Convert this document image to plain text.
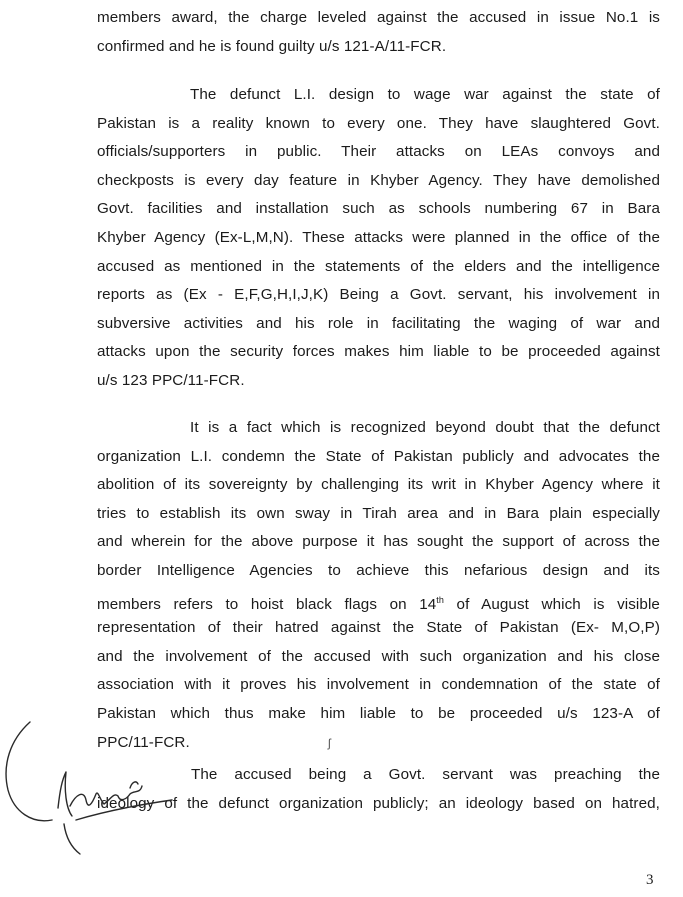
members award, the charge leveled against the accused in issue No.1 is
confirmed and he is found guilty u/s 121-A/11-FCR.
The defunct L.I. design to wage war against the state of
Pakistan is a reality known to every one. They have slaughtered Govt.
officials/supporters in public. Their attacks on LEAs convoys and
checkposts is every day feature in Khyber Agency. They have demolished
Govt. facilities and installation such as schools numbering 67 in Bara
Khyber Agency (Ex-L,M,N). These attacks were planned in the office of the
accused as mentioned in the statements of the elders and the intelligence
reports as (Ex - E,F,G,H,I,J,K) Being a Govt. servant, his involvement in
subversive activities and his role in facilitating the waging of war and
attacks upon the security forces makes him liable to be proceeded against
u/s 123 PPC/11-FCR.
It is a fact which is recognized beyond doubt that the defunct
organization L.I. condemn the State of Pakistan publicly and advocates the
abolition of its sovereignty by challenging its writ in Khyber Agency where it
tries to establish its own sway in Tirah area and in Bara plain especially
and wherein for the above purpose it has sought the support of across the
border Intelligence Agencies to achieve this nefarious design and its
members refers to hoist black flags on 14th of August which is visible
representation of their hatred against the State of Pakistan (Ex- M,O,P)
and the involvement of the accused with such organization and his close
association with it proves his involvement in condemnation of the state of
Pakistan which thus make him liable to be proceeded u/s 123-A of
PPC/11-FCR.
The accused being a Govt. servant was preaching the
ideology of the defunct organization publicly; an ideology based on hatred,
ʃ
3
